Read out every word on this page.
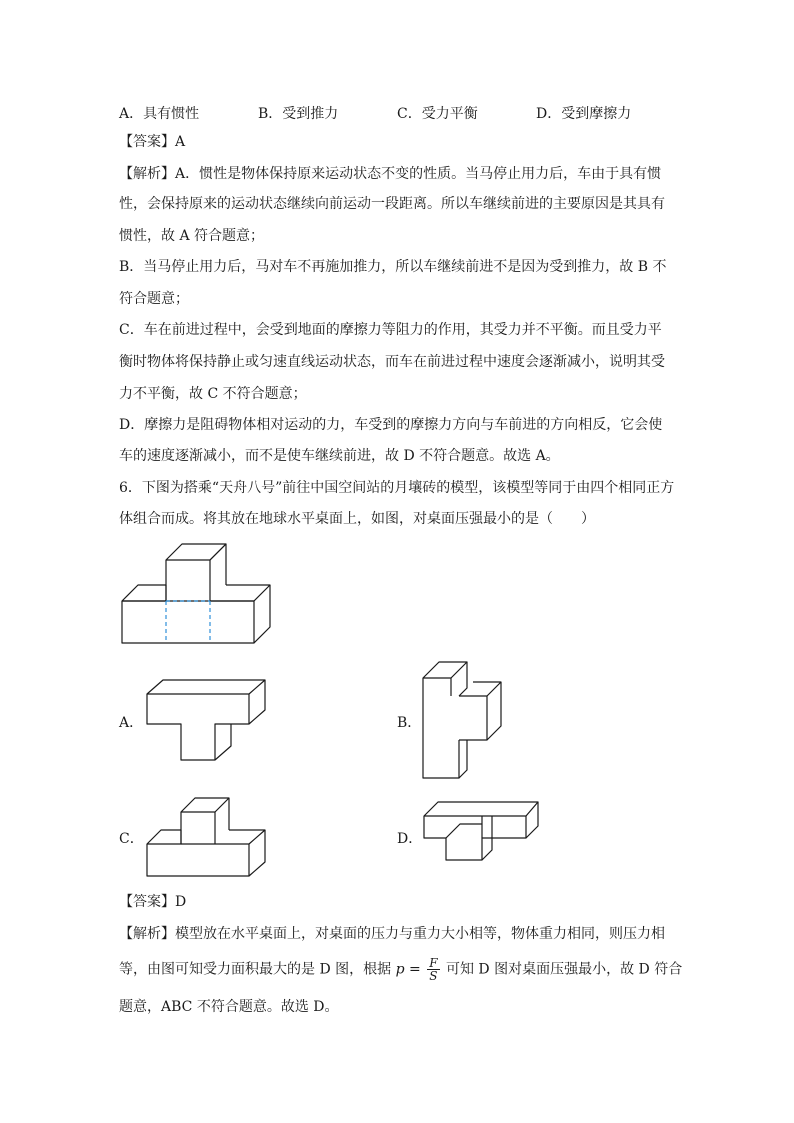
A．具有惯性	B．受到推力	C．受力平衡	D．受到摩擦力
【答案】A
【解析】A．惯性是物体保持原来运动状态不变的性质。当马停止用力后，车由于具有惯
性，会保持原来的运动状态继续向前运动一段距离。所以车继续前进的主要原因是其具有
惯性，故 A 符合题意；
B．当马停止用力后，马对车不再施加推力，所以车继续前进不是因为受到推力，故 B 不
符合题意；
C．车在前进过程中，会受到地面的摩擦力等阻力的作用，其受力并不平衡。而且受力平
衡时物体将保持静止或匀速直线运动状态，而车在前进过程中速度会逐渐减小，说明其受
力不平衡，故 C 不符合题意；
D．摩擦力是阻碍物体相对运动的力，车受到的摩擦力方向与车前进的方向相反，它会使
车的速度逐渐减小，而不是使车继续前进，故 D 不符合题意。故选 A。
6．下图为搭乘“天舟八号”前往中国空间站的月壤砖的模型，该模型等同于由四个相同正方
体组合而成。将其放在地球水平桌面上，如图，对桌面压强最小的是（　　）
A．	B．
C．	D．
【答案】D
【解析】模型放在水平桌面上，对桌面的压力与重力大小相等，物体重力相同，则压力相
等，由图可知受力面积最大的是 D 图，根据 $p = \frac{F}{S}$ 可知 D 图对桌面压强最小，故 D 符合
题意，ABC 不符合题意。故选 D。
